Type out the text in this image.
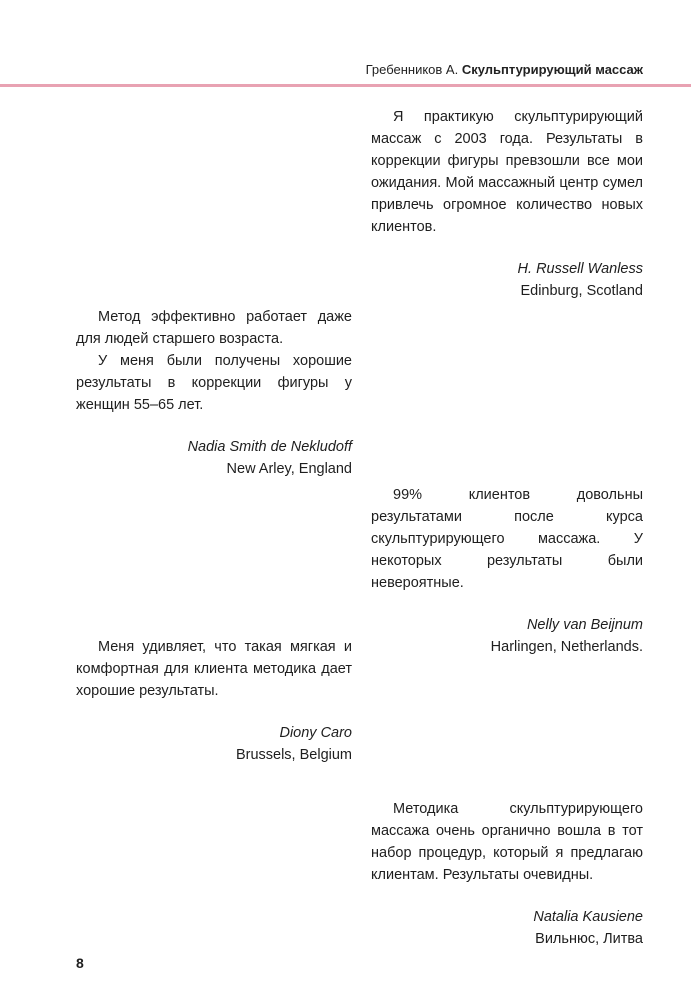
Гребенников А. Скульптурирующий массаж

Я практикую скульптурирующий массаж с 2003 года. Результаты в коррекции фигуры превзошли все мои ожидания. Мой массажный центр сумел привлечь огромное количество новых клиентов.

H. Russell Wanless
Edinburg, Scotland

Метод эффективно работает даже для людей старшего возраста.

У меня были получены хорошие результаты в коррекции фигуры у женщин 55–65 лет.

Nadia Smith de Nekludoff
New Arley, England

99% клиентов довольны результатами после курса скульптурирующего массажа. У некоторых результаты были невероятные.

Nelly van Beijnum
Harlingen, Netherlands.

Меня удивляет, что такая мягкая и комфортная для клиента методика дает хорошие результаты.

Diony Caro
Brussels, Belgium

Методика скульптурирующего массажа очень органично вошла в тот набор процедур, который я предлагаю клиентам. Результаты очевидны.

Natalia Kausiene
Вильнюс, Литва
8
